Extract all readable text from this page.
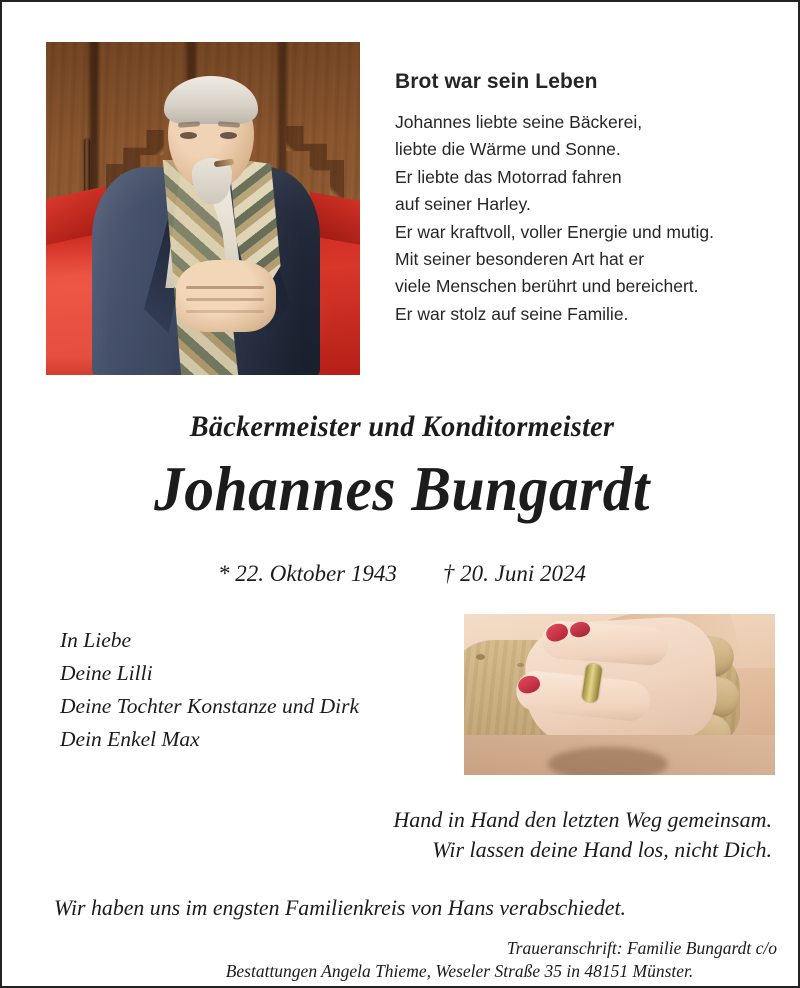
Brot war sein Leben
Johannes liebte seine Bäckerei,
liebte die Wärme und Sonne.
Er liebte das Motorrad fahren
auf seiner Harley.
Er war kraftvoll, voller Energie und mutig.
Mit seiner besonderen Art hat er
viele Menschen berührt und bereichert.
Er war stolz auf seine Familie.
Bäckermeister und Konditormeister
Johannes Bungardt
* 22. Oktober 1943 † 20. Juni 2024
In Liebe
Deine Lilli
Deine Tochter Konstanze und Dirk
Dein Enkel Max
Hand in Hand den letzten Weg gemeinsam.
Wir lassen deine Hand los, nicht Dich.
Wir haben uns im engsten Familienkreis von Hans verabschiedet.
Traueranschrift: Familie Bungardt c/o
Bestattungen Angela Thieme, Weseler Straße 35 in 48151 Münster.
